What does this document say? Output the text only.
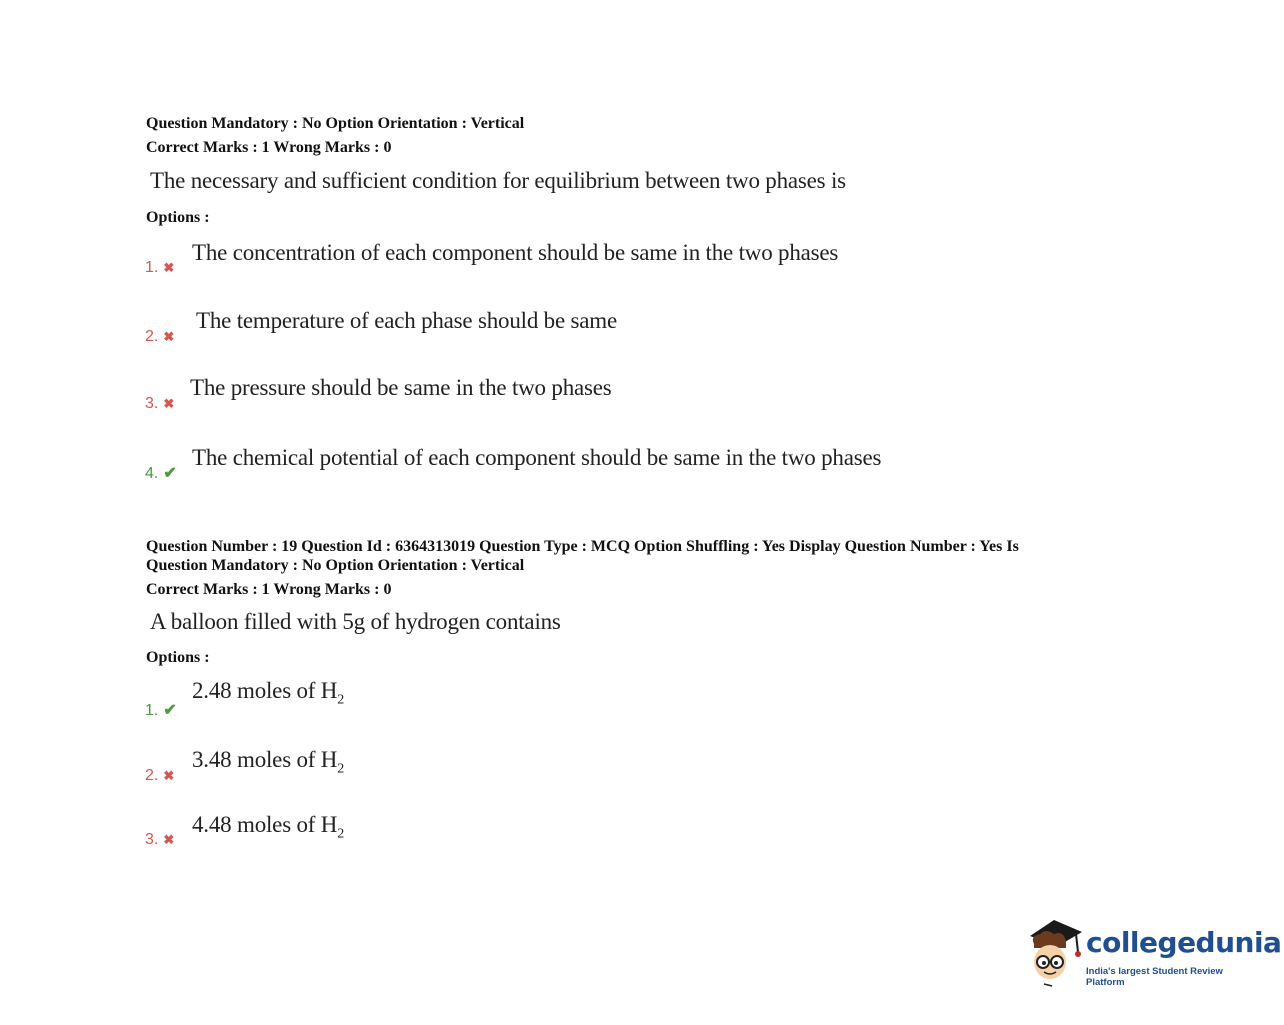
Question Mandatory : No Option Orientation : Vertical
Correct Marks : 1 Wrong Marks : 0
The necessary and sufficient condition for equilibrium between two phases is
Options :
1. ✖
The concentration of each component should be same in the two phases
2. ✖
The temperature of each phase should be same
3. ✖
The pressure should be same in the two phases
4. ✔
The chemical potential of each component should be same in the two phases
Question Number : 19 Question Id : 6364313019 Question Type : MCQ Option Shuffling : Yes Display Question Number : Yes Is
Question Mandatory : No Option Orientation : Vertical
Correct Marks : 1 Wrong Marks : 0
A balloon filled with 5g of hydrogen contains
Options :
1. ✔
2.48 moles of $H_2$
2. ✖
3.48 moles of $H_2$
3. ✖
4.48 moles of $H_2$
collegedunia
India's largest Student Review Platform
